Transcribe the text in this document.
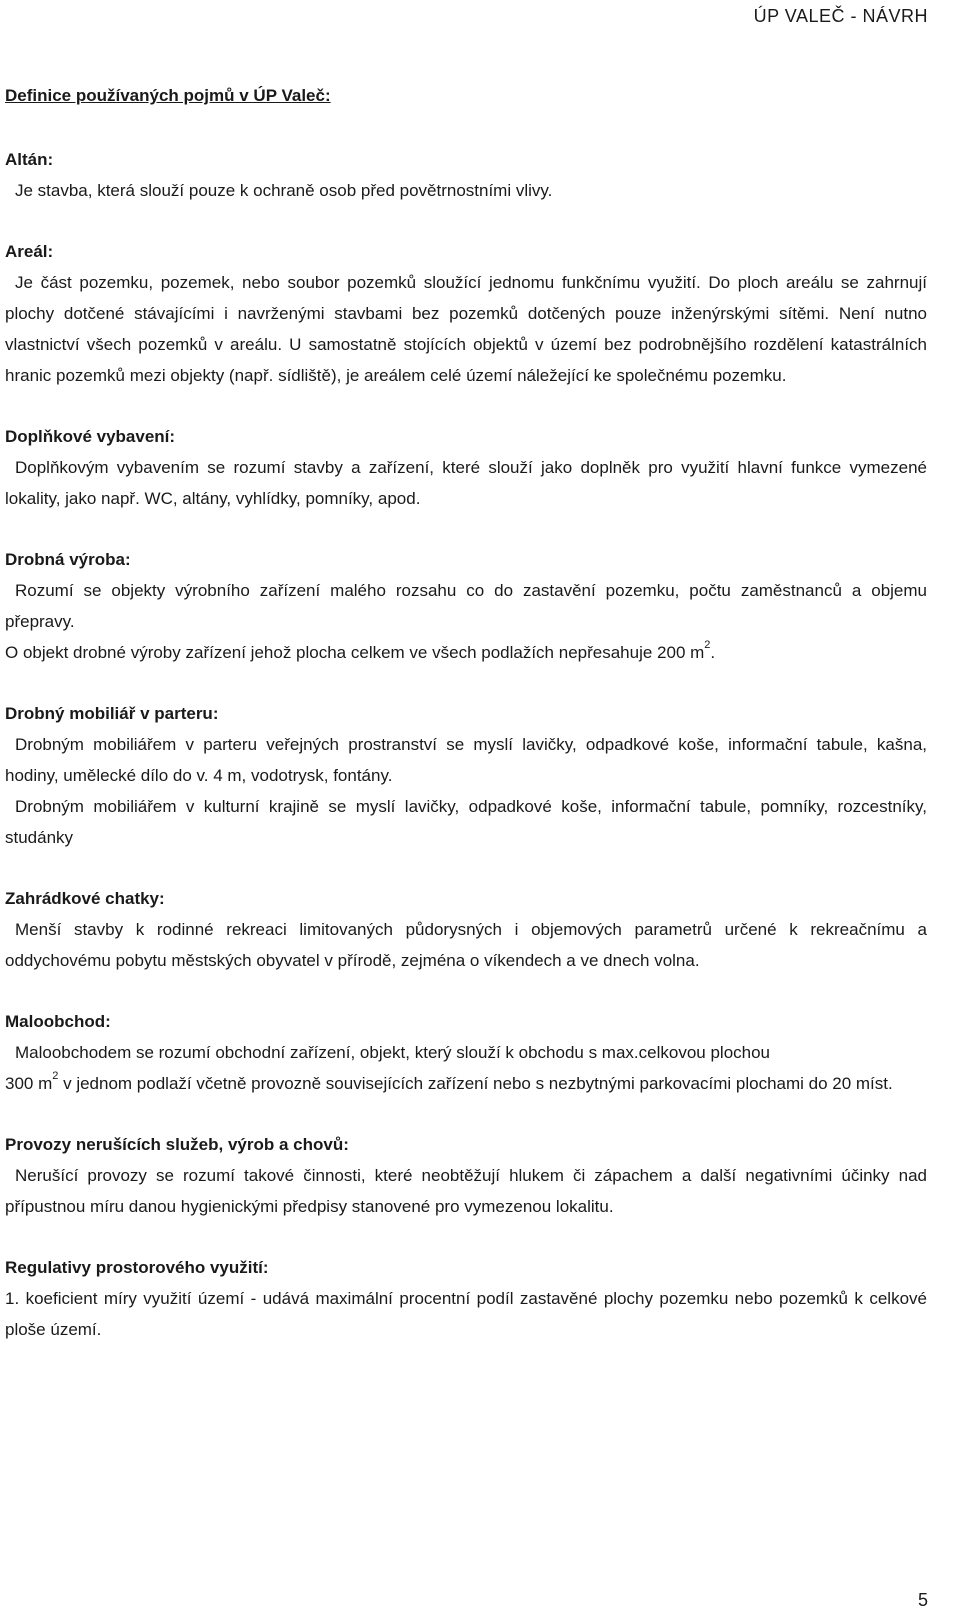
ÚP VALEČ - NÁVRH

Definice používaných pojmů v ÚP Valeč:

Altán:

Je stavba, která slouží pouze k ochraně osob před povětrnostními vlivy.

Areál:

Je část pozemku, pozemek, nebo soubor pozemků sloužící jednomu funkčnímu využití. Do ploch areálu se zahrnují plochy dotčené stávajícími i navrženými stavbami bez pozemků dotčených pouze inženýrskými sítěmi. Není nutno vlastnictví všech pozemků v areálu. U samostatně stojících objektů v území bez podrobnějšího rozdělení katastrálních hranic pozemků mezi objekty (např. sídliště), je areálem celé území náležející ke společnému pozemku.

Doplňkové vybavení:

Doplňkovým vybavením se rozumí stavby a zařízení, které slouží jako doplněk pro využití hlavní funkce vymezené lokality, jako např. WC, altány, vyhlídky, pomníky, apod.

Drobná výroba:

Rozumí se objekty výrobního zařízení malého rozsahu co do zastavění pozemku, počtu zaměstnanců a objemu přepravy.

O objekt drobné výroby zařízení jehož plocha celkem ve všech podlažích nepřesahuje 200 $m^2$.

Drobný mobiliář v parteru:

Drobným mobiliářem v parteru veřejných prostranství se myslí lavičky, odpadkové koše, informační tabule, kašna, hodiny, umělecké dílo do v. 4 m, vodotrysk, fontány.

Drobným mobiliářem v kulturní krajině se myslí lavičky, odpadkové koše, informační tabule, pomníky, rozcestníky, studánky

Zahrádkové chatky:

Menší stavby k rodinné rekreaci limitovaných půdorysných i objemových parametrů určené k rekreačnímu a oddychovému pobytu městských obyvatel v přírodě, zejména o víkendech a ve dnech volna.

Maloobchod:

Maloobchodem se rozumí obchodní zařízení, objekt, který slouží k obchodu s max.celkovou plochou

300 $m^2$ v jednom podlaží včetně provozně souvisejících zařízení nebo s nezbytnými parkovacími plochami do 20 míst.

Provozy nerušících služeb, výrob a chovů:

Nerušící provozy se rozumí takové činnosti, které neobtěžují hlukem či zápachem a další negativními účinky nad přípustnou míru danou hygienickými předpisy stanovené pro vymezenou lokalitu.

Regulativy prostorového využití:

1. koeficient míry využití území - udává maximální procentní podíl zastavěné plochy pozemku nebo pozemků k celkové ploše území.

5
